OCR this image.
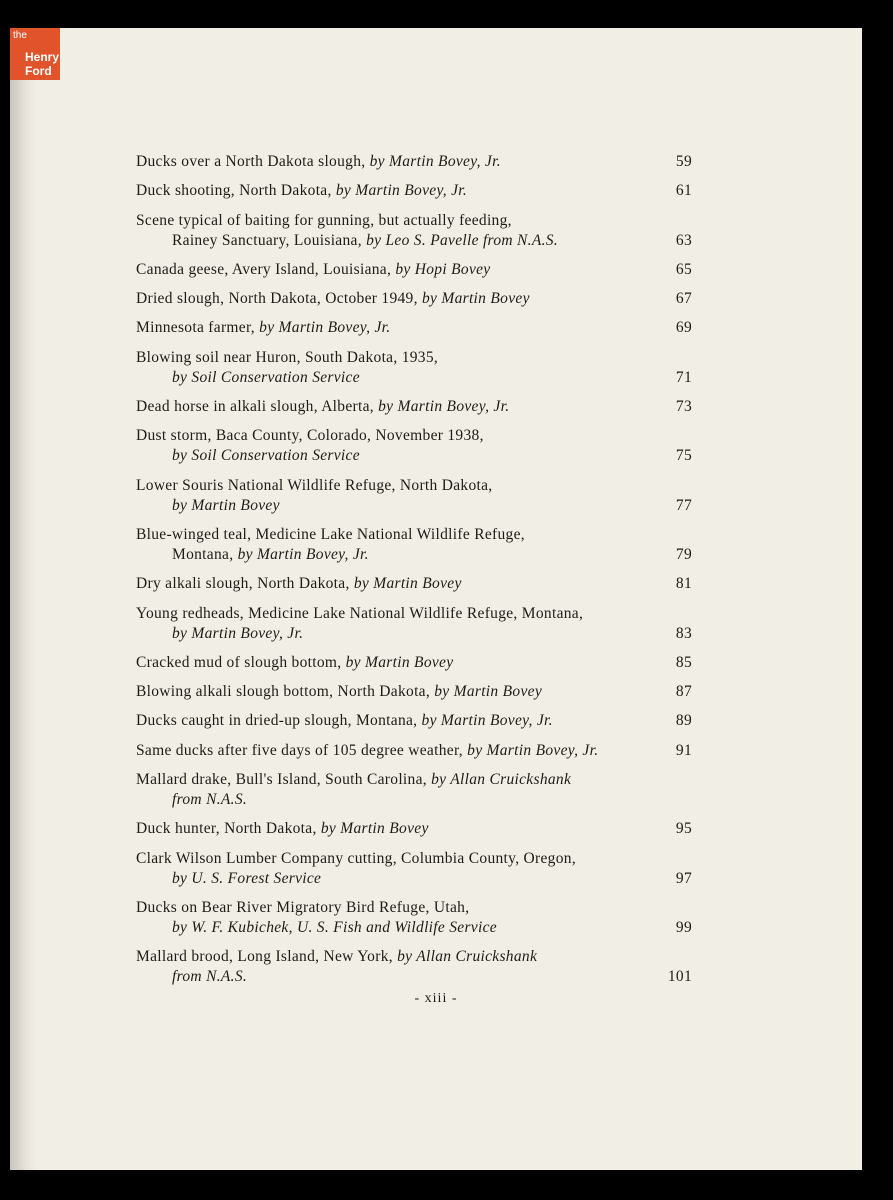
the
Henry
Ford
Ducks over a North Dakota slough, by Martin Bovey, Jr.	59
Duck shooting, North Dakota, by Martin Bovey, Jr.	61
Scene typical of baiting for gunning, but actually feeding,
Rainey Sanctuary, Louisiana, by Leo S. Pavelle from N.A.S.	63
Canada geese, Avery Island, Louisiana, by Hopi Bovey	65
Dried slough, North Dakota, October 1949, by Martin Bovey	67
Minnesota farmer, by Martin Bovey, Jr.	69
Blowing soil near Huron, South Dakota, 1935,
by Soil Conservation Service	71
Dead horse in alkali slough, Alberta, by Martin Bovey, Jr.	73
Dust storm, Baca County, Colorado, November 1938,
by Soil Conservation Service	75
Lower Souris National Wildlife Refuge, North Dakota,
by Martin Bovey	77
Blue-winged teal, Medicine Lake National Wildlife Refuge,
Montana, by Martin Bovey, Jr.	79
Dry alkali slough, North Dakota, by Martin Bovey	81
Young redheads, Medicine Lake National Wildlife Refuge, Montana,
by Martin Bovey, Jr.	83
Cracked mud of slough bottom, by Martin Bovey	85
Blowing alkali slough bottom, North Dakota, by Martin Bovey	87
Ducks caught in dried-up slough, Montana, by Martin Bovey, Jr.	89
Same ducks after five days of 105 degree weather, by Martin Bovey, Jr.	91
Mallard drake, Bull's Island, South Carolina, by Allan Cruickshank
from N.A.S.
Duck hunter, North Dakota, by Martin Bovey	95
Clark Wilson Lumber Company cutting, Columbia County, Oregon,
by U. S. Forest Service	97
Ducks on Bear River Migratory Bird Refuge, Utah,
by W. F. Kubichek, U. S. Fish and Wildlife Service	99
Mallard brood, Long Island, New York, by Allan Cruickshank
from N.A.S.	101
- xiii -
